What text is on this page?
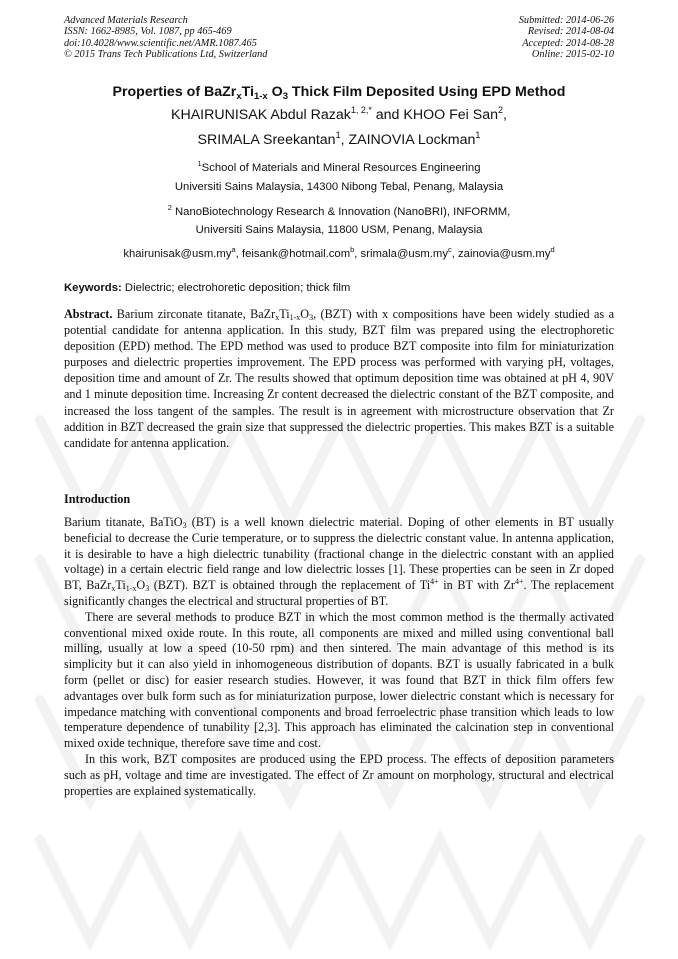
Advanced Materials Research
ISSN: 1662-8985, Vol. 1087, pp 465-469
doi:10.4028/www.scientific.net/AMR.1087.465
© 2015 Trans Tech Publications Ltd, Switzerland
Submitted: 2014-06-26
Revised: 2014-08-04
Accepted: 2014-08-28
Online: 2015-02-10
Properties of $BaZr_xTi_{1-x}$ $O_3$ Thick Film Deposited Using EPD Method
KHAIRUNISAK Abdul Razak$^{1, 2,*}$ and KHOO Fei San$^2$,
SRIMALA Sreekantan$^1$, ZAINOVIA Lockman$^1$
$^1$School of Materials and Mineral Resources Engineering
Universiti Sains Malaysia, 14300 Nibong Tebal, Penang, Malaysia
$^2$ NanoBiotechnology Research & Innovation (NanoBRI), INFORMM,
Universiti Sains Malaysia, 11800 USM, Penang, Malaysia
$khairunisak@usm.my^a$, feisank@hotmail.com$^b$, $srimala@usm.my^c$, $zainovia@usm.my^d$
Keywords: Dielectric; electrohoretic deposition; thick film

Abstract. Barium zirconate titanate, $BaZr_xTi_{1-x}O_3$, (BZT) with x compositions have been widely studied as a potential candidate for antenna application. In this study, BZT film was prepared using the electrophoretic deposition (EPD) method. The EPD method was used to produce BZT composite into film for miniaturization purposes and dielectric properties improvement. The EPD process was performed with varying pH, voltages, deposition time and amount of Zr. The results showed that optimum deposition time was obtained at pH 4, 90V and 1 minute deposition time. Increasing Zr content decreased the dielectric constant of the BZT composite, and increased the loss tangent of the samples. The result is in agreement with microstructure observation that Zr addition in BZT decreased the grain size that suppressed the dielectric properties. This makes BZT is a suitable candidate for antenna application.

Introduction

Barium titanate, BaTiO$_3$ (BT) is a well known dielectric material. Doping of other elements in BT usually beneficial to decrease the Curie temperature, or to suppress the dielectric constant value. In antenna application, it is desirable to have a high dielectric tunability (fractional change in the dielectric constant with an applied voltage) in a certain electric field range and low dielectric losses [1]. These properties can be seen in Zr doped BT, $BaZr_xTi_{1-x}O_3$ (BZT). BZT is obtained through the replacement of $Ti^{4+}$ in BT with $Zr^{4+}$. The replacement significantly changes the electrical and structural properties of BT.

There are several methods to produce BZT in which the most common method is the thermally activated conventional mixed oxide route. In this route, all components are mixed and milled using conventional ball milling, usually at low a speed (10-50 rpm) and then sintered. The main advantage of this method is its simplicity but it can also yield in inhomogeneous distribution of dopants. BZT is usually fabricated in a bulk form (pellet or disc) for easier research studies. However, it was found that BZT in thick film offers few advantages over bulk form such as for miniaturization purpose, lower dielectric constant which is necessary for impedance matching with conventional components and broad ferroelectric phase transition which leads to low temperature dependence of tunability [2,3]. This approach has eliminated the calcination step in conventional mixed oxide technique, therefore save time and cost.

In this work, BZT composites are produced using the EPD process. The effects of deposition parameters such as pH, voltage and time are investigated. The effect of Zr amount on morphology, structural and electrical properties are explained systematically.
